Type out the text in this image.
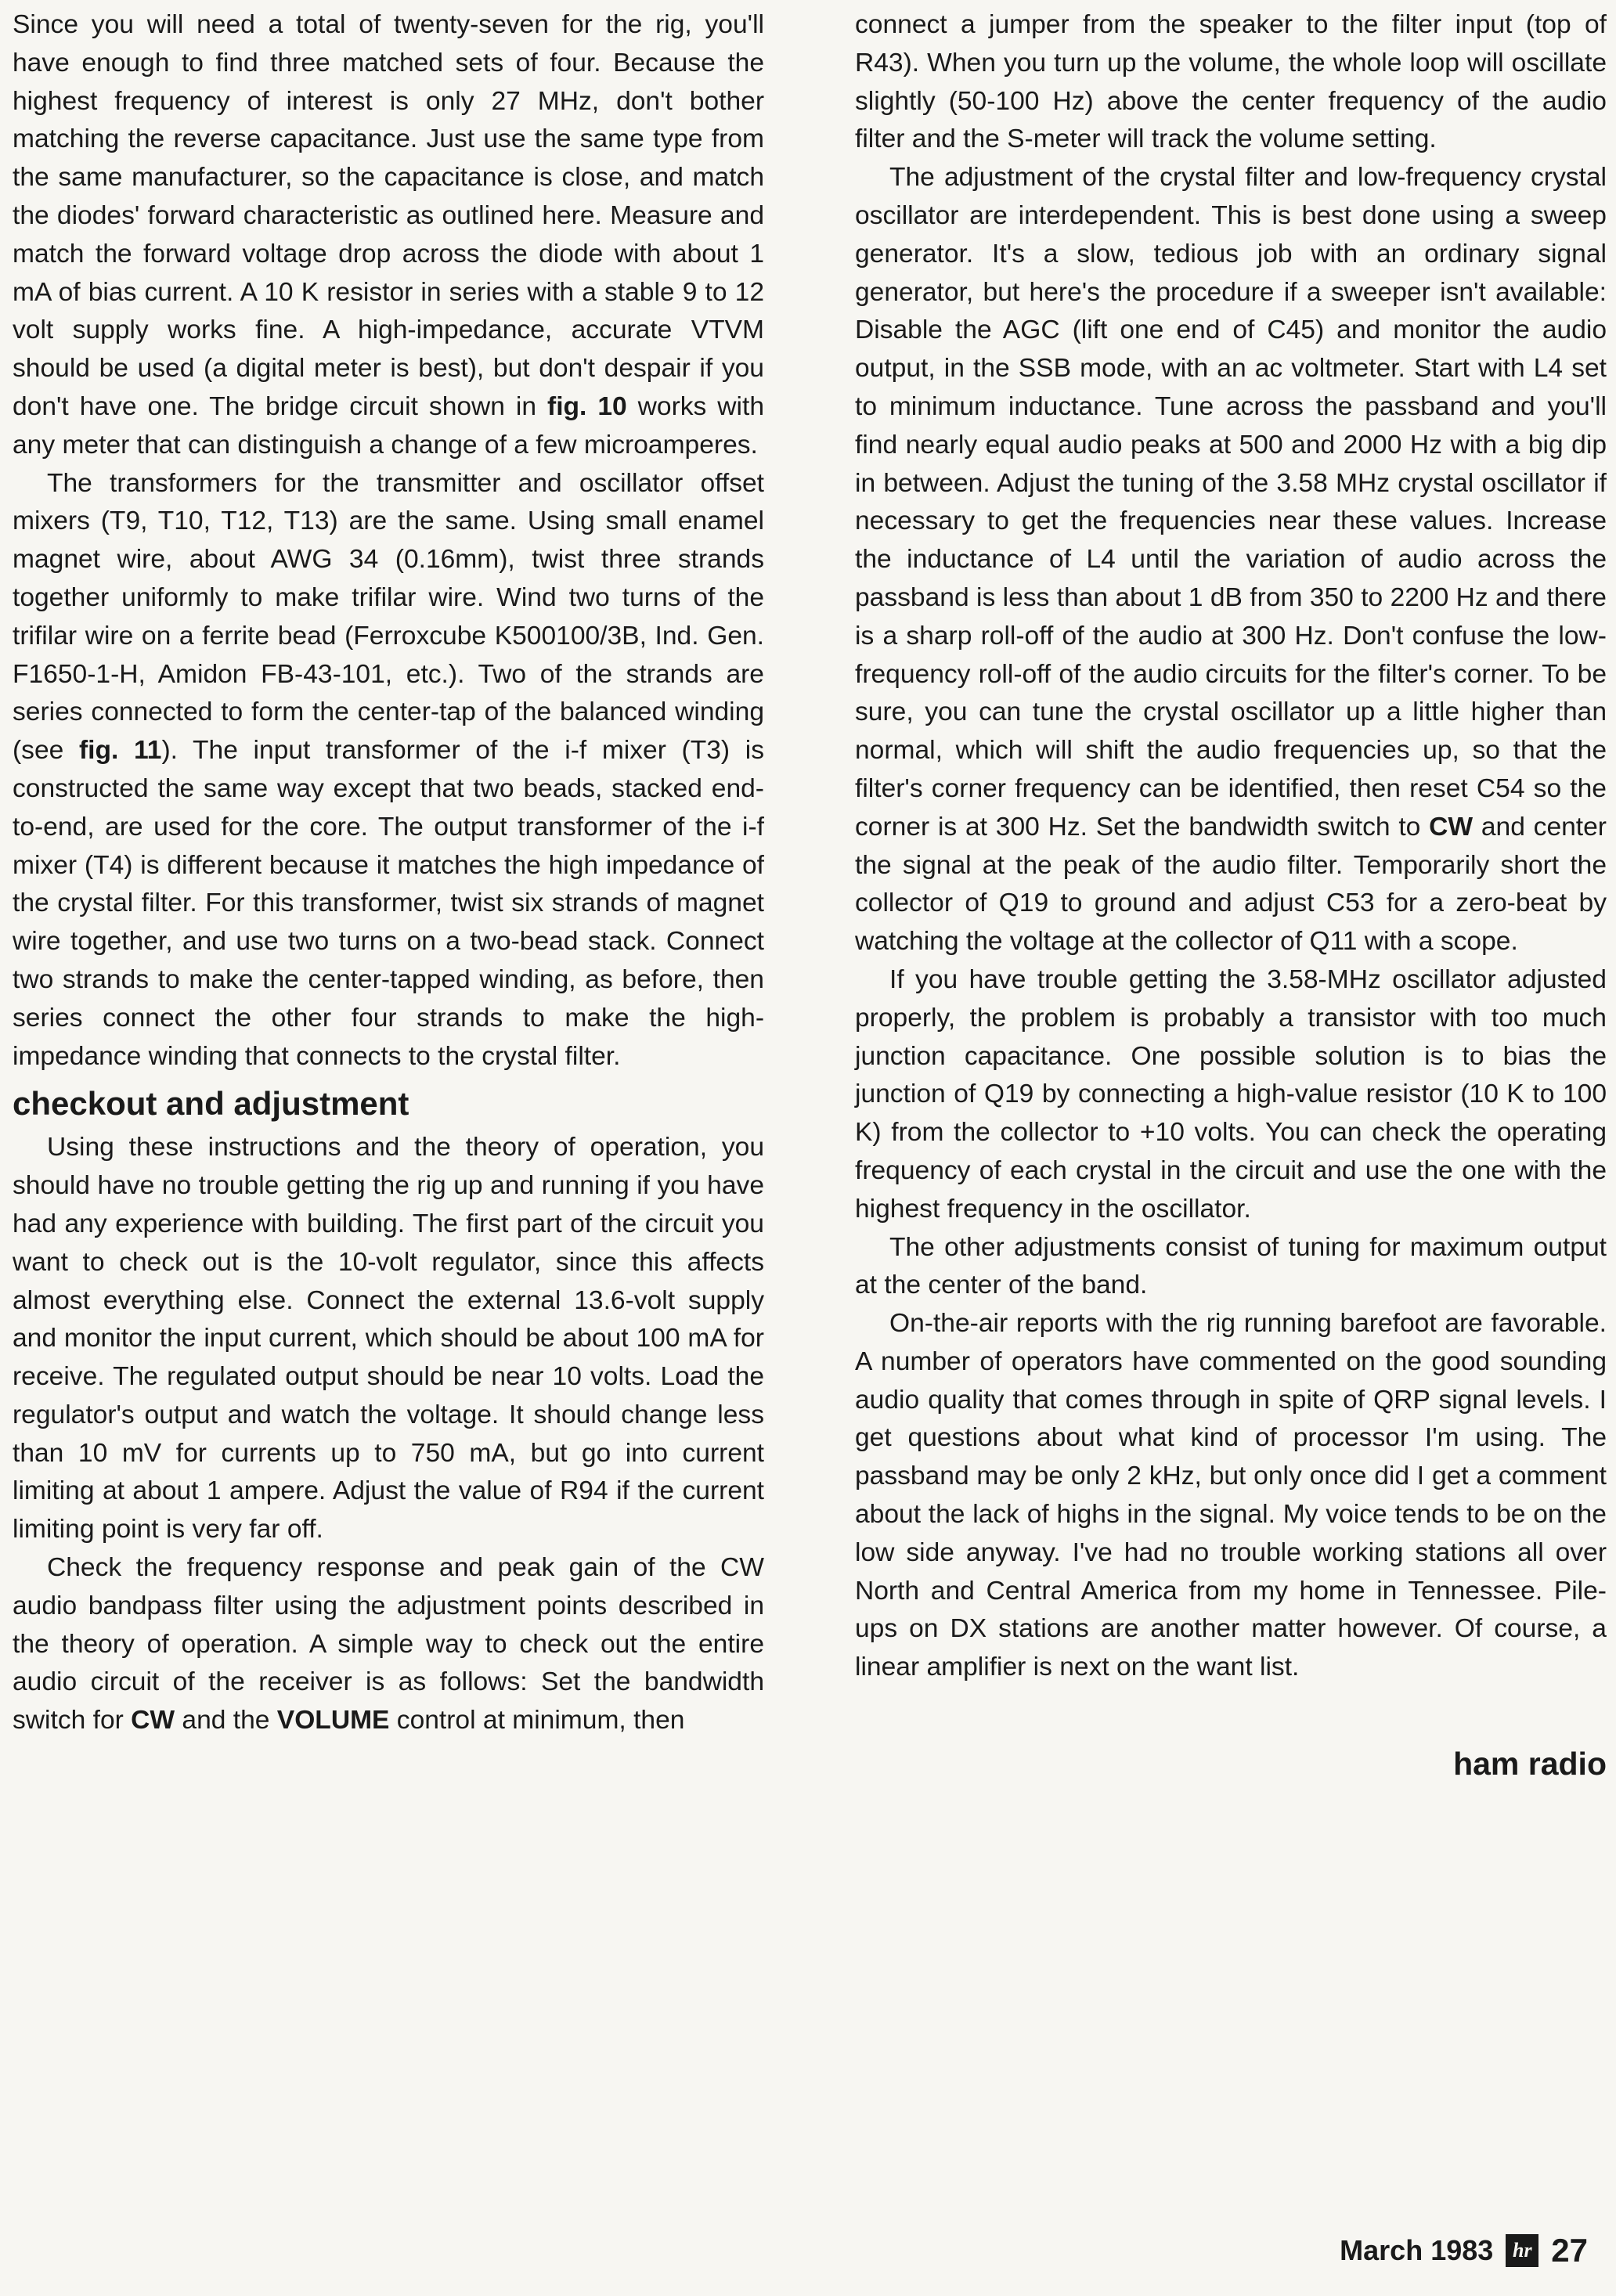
Since you will need a total of twenty-seven for the rig, you'll have enough to find three matched sets of four. Because the highest frequency of interest is only 27 MHz, don't bother matching the reverse capacitance. Just use the same type from the same manufacturer, so the capacitance is close, and match the diodes' forward characteristic as outlined here. Measure and match the forward voltage drop across the diode with about 1 mA of bias current. A 10 K resistor in series with a stable 9 to 12 volt supply works fine. A high-impedance, accurate VTVM should be used (a digital meter is best), but don't despair if you don't have one. The bridge circuit shown in fig. 10 works with any meter that can distinguish a change of a few microamperes.

The transformers for the transmitter and oscillator offset mixers (T9, T10, T12, T13) are the same. Using small enamel magnet wire, about AWG 34 (0.16mm), twist three strands together uniformly to make trifilar wire. Wind two turns of the trifilar wire on a ferrite bead (Ferroxcube K500100/3B, Ind. Gen. F1650-1-H, Amidon FB-43-101, etc.). Two of the strands are series connected to form the center-tap of the balanced winding (see fig. 11). The input transformer of the i-f mixer (T3) is constructed the same way except that two beads, stacked end-to-end, are used for the core. The output transformer of the i-f mixer (T4) is different because it matches the high impedance of the crystal filter. For this transformer, twist six strands of magnet wire together, and use two turns on a two-bead stack. Connect two strands to make the center-tapped winding, as before, then series connect the other four strands to make the high-impedance winding that connects to the crystal filter.

checkout and adjustment

Using these instructions and the theory of operation, you should have no trouble getting the rig up and running if you have had any experience with building. The first part of the circuit you want to check out is the 10-volt regulator, since this affects almost everything else. Connect the external 13.6-volt supply and monitor the input current, which should be about 100 mA for receive. The regulated output should be near 10 volts. Load the regulator's output and watch the voltage. It should change less than 10 mV for currents up to 750 mA, but go into current limiting at about 1 ampere. Adjust the value of R94 if the current limiting point is very far off.

Check the frequency response and peak gain of the CW audio bandpass filter using the adjustment points described in the theory of operation. A simple way to check out the entire audio circuit of the receiver is as follows: Set the bandwidth switch for CW and the VOLUME control at minimum, then

connect a jumper from the speaker to the filter input (top of R43). When you turn up the volume, the whole loop will oscillate slightly (50-100 Hz) above the center frequency of the audio filter and the S-meter will track the volume setting.

The adjustment of the crystal filter and low-frequency crystal oscillator are interdependent. This is best done using a sweep generator. It's a slow, tedious job with an ordinary signal generator, but here's the procedure if a sweeper isn't available: Disable the AGC (lift one end of C45) and monitor the audio output, in the SSB mode, with an ac voltmeter. Start with L4 set to minimum inductance. Tune across the passband and you'll find nearly equal audio peaks at 500 and 2000 Hz with a big dip in between. Adjust the tuning of the 3.58 MHz crystal oscillator if necessary to get the frequencies near these values. Increase the inductance of L4 until the variation of audio across the passband is less than about 1 dB from 350 to 2200 Hz and there is a sharp roll-off of the audio at 300 Hz. Don't confuse the low-frequency roll-off of the audio circuits for the filter's corner. To be sure, you can tune the crystal oscillator up a little higher than normal, which will shift the audio frequencies up, so that the filter's corner frequency can be identified, then reset C54 so the corner is at 300 Hz. Set the bandwidth switch to CW and center the signal at the peak of the audio filter. Temporarily short the collector of Q19 to ground and adjust C53 for a zero-beat by watching the voltage at the collector of Q11 with a scope.

If you have trouble getting the 3.58-MHz oscillator adjusted properly, the problem is probably a transistor with too much junction capacitance. One possible solution is to bias the junction of Q19 by connecting a high-value resistor (10 K to 100 K) from the collector to +10 volts. You can check the operating frequency of each crystal in the circuit and use the one with the highest frequency in the oscillator.

The other adjustments consist of tuning for maximum output at the center of the band.

On-the-air reports with the rig running barefoot are favorable. A number of operators have commented on the good sounding audio quality that comes through in spite of QRP signal levels. I get questions about what kind of processor I'm using. The passband may be only 2 kHz, but only once did I get a comment about the lack of highs in the signal. My voice tends to be on the low side anyway. I've had no trouble working stations all over North and Central America from my home in Tennessee. Pile-ups on DX stations are another matter however. Of course, a linear amplifier is next on the want list.

ham radio
March 1983 hr 27
